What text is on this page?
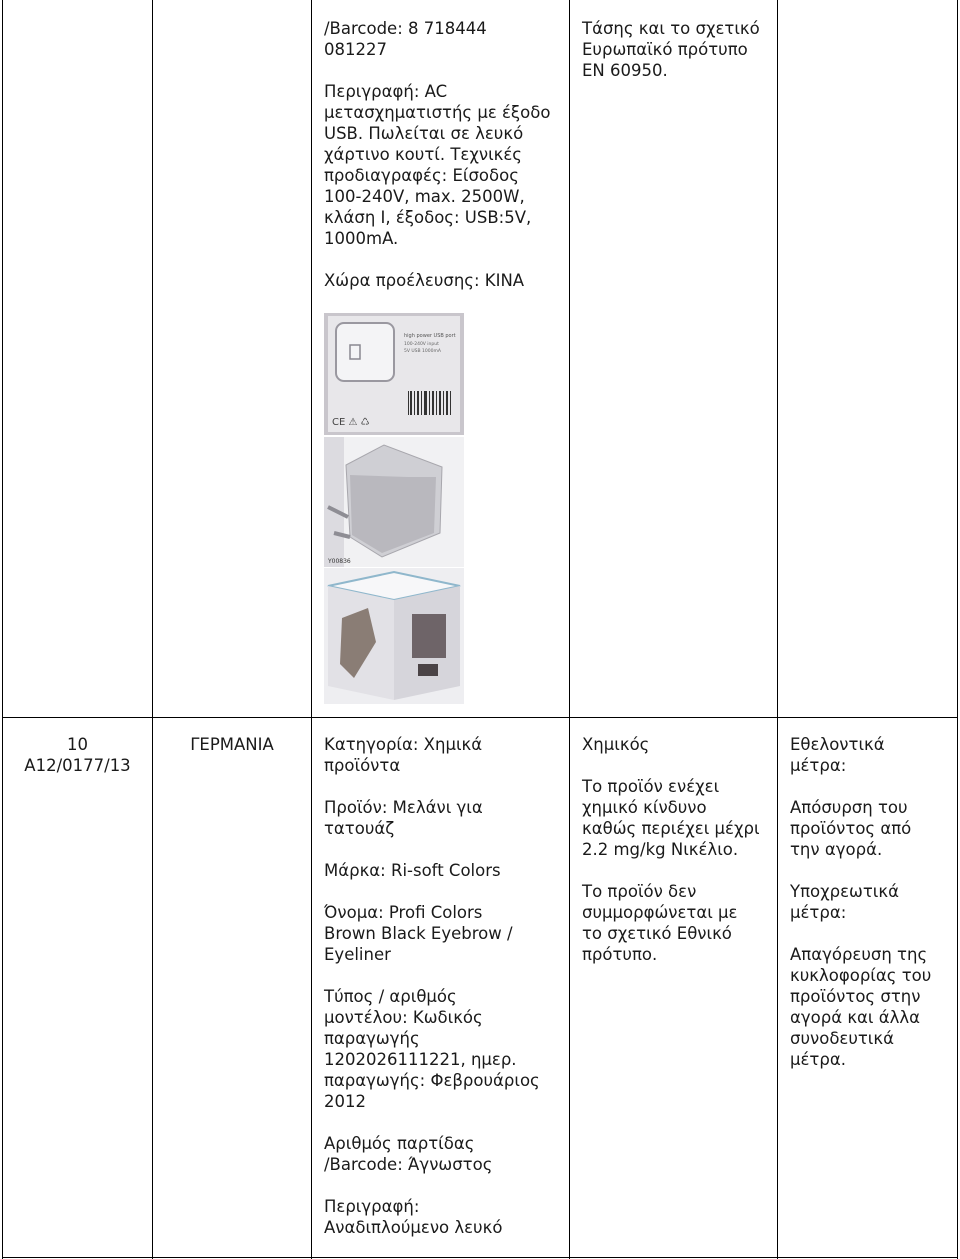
/Barcode: 8 718444
081227

Περιγραφή: AC
μετασχηματιστής με έξοδο
USB. Πωλείται σε λευκό
χάρτινο κουτί. Τεχνικές
προδιαγραφές: Είσοδος
100-240V, max. 2500W,
κλάση I, έξοδος: USB:5V,
1000mA.

Χώρα προέλευσης: ΚΙΝΑ

Τάσης και το σχετικό
Ευρωπαϊκό πρότυπο
EN 60950.

high power USB port
100-240V input
5V USB 1000mA
CE ⚠ ♺
Y00836
10
A12/0177/13
ΓΕΡΜΑΝΙΑ	Κατηγορία: Χημικά
προϊόντα

Προϊόν: Μελάνι για
τατουάζ

Μάρκα: Ri-soft Colors

Όνομα: Profi Colors
Brown Black Eyebrow /
Eyeliner

Τύπος / αριθμός
μοντέλου: Κωδικός
παραγωγής
1202026111221, ημερ.
παραγωγής: Φεβρουάριος
2012

Αριθμός παρτίδας
/Barcode: Άγνωστος

Περιγραφή:
Αναδιπλούμενο λευκό

Χημικός

Το προϊόν ενέχει
χημικό κίνδυνο
καθώς περιέχει μέχρι
2.2 mg/kg Νικέλιο.

Το προϊόν δεν
συμμορφώνεται με
το σχετικό Εθνικό
πρότυπο.

Εθελοντικά
μέτρα:

Απόσυρση του
προϊόντος από
την αγορά.

Υποχρεωτικά
μέτρα:

Απαγόρευση της
κυκλοφορίας του
προϊόντος στην
αγορά και άλλα
συνοδευτικά
μέτρα.
